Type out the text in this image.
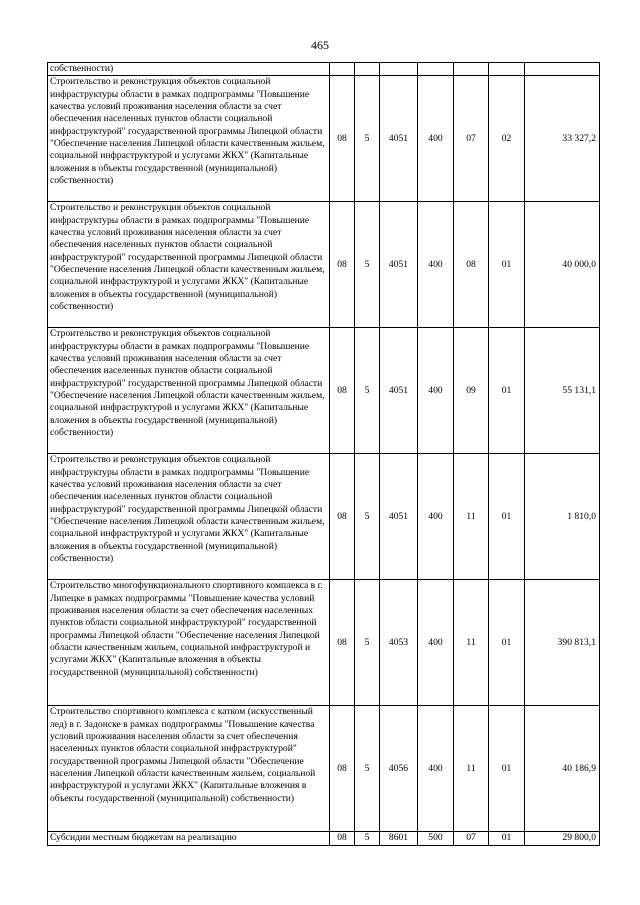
465
собственности)							
Строительство и реконструкция объектов социальной инфраструктуры области в рамках подпрограммы "Повышение качества условий проживания населения области за счет обеспечения населенных пунктов области социальной инфраструктурой" государственной программы Липецкой области "Обеспечение населения Липецкой области качественным жильем, социальной инфраструктурой и услугами ЖКХ" (Капитальные вложения в объекты государственной (муниципальной) собственности)	08	5	4051	400	07	02	33 327,2
Строительство и реконструкция объектов социальной инфраструктуры области в рамках подпрограммы "Повышение качества условий проживания населения области за счет обеспечения населенных пунктов области социальной инфраструктурой" государственной программы Липецкой области "Обеспечение населения Липецкой области качественным жильем, социальной инфраструктурой и услугами ЖКХ" (Капитальные вложения в объекты государственной (муниципальной) собственности)	08	5	4051	400	08	01	40 000,0
Строительство и реконструкция объектов социальной инфраструктуры области в рамках подпрограммы "Повышение качества условий проживания населения области за счет обеспечения населенных пунктов области социальной инфраструктурой" государственной программы Липецкой области "Обеспечение населения Липецкой области качественным жильем, социальной инфраструктурой и услугами ЖКХ" (Капитальные вложения в объекты государственной (муниципальной) собственности)	08	5	4051	400	09	01	55 131,1
Строительство и реконструкция объектов социальной инфраструктуры области в рамках подпрограммы "Повышение качества условий проживания населения области за счет обеспечения населенных пунктов области социальной инфраструктурой" государственной программы Липецкой области "Обеспечение населения Липецкой области качественным жильем, социальной инфраструктурой и услугами ЖКХ" (Капитальные вложения в объекты государственной (муниципальной) собственности)	08	5	4051	400	11	01	1 810,0
Строительство многофункционального спортивного комплекса в г. Липецке в рамках подпрограммы "Повышение качества условий проживания населения области за счет обеспечения населенных пунктов области социальной инфраструктурой" государственной программы Липецкой области "Обеспечение населения Липецкой области качественным жильем, социальной инфраструктурой и услугами ЖКХ" (Капитальные вложения в объекты государственной (муниципальной) собственности)	08	5	4053	400	11	01	390 813,1
Строительство спортивного комплекса с катком (искусственный лед) в г. Задонске в рамках подпрограммы "Повышение качества условий проживания населения области за счет обеспечения населенных пунктов области социальной инфраструктурой" государственной программы Липецкой области "Обеспечение населения Липецкой области качественным жильем, социальной инфраструктурой и услугами ЖКХ" (Капитальные вложения в объекты государственной (муниципальной) собственности)	08	5	4056	400	11	01	40 186,9
Субсидии местным бюджетам на реализацию	08	5	8601	500	07	01	29 800,0
